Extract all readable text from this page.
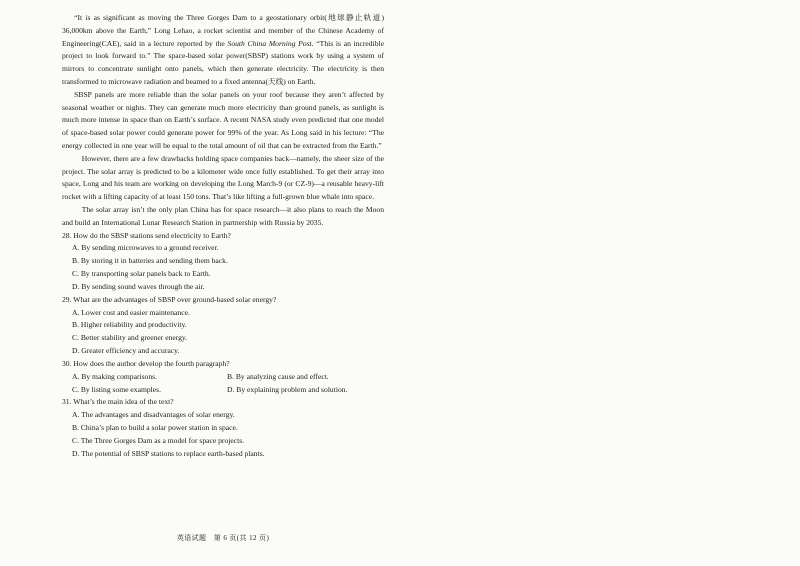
“It is as significant as moving the Three Gorges Dam to a geostationary orbit(地球静止轨道) 36,000km above the Earth,” Long Lehao, a rocket scientist and member of the Chinese Academy of Engineering(CAE), said in a lecture reported by the South China Morning Post. “This is an incredible project to look forward to.” The space-based solar power(SBSP) stations work by using a system of mirrors to concentrate sunlight onto panels, which then generate electricity. The electricity is then transformed to microwave radiation and beamed to a fixed antenna(天线) on Earth.

SBSP panels are more reliable than the solar panels on your roof because they aren’t affected by seasonal weather or nights. They can generate much more electricity than ground panels, as sunlight is much more intense in space than on Earth’s surface. A recent NASA study even predicted that one model of space-based solar power could generate power for 99% of the year. As Long said in his lecture: “The energy collected in one year will be equal to the total amount of oil that can be extracted from the Earth.”

However, there are a few drawbacks holding space companies back—namely, the sheer size of the project. The solar array is predicted to be a kilometer wide once fully established. To get their array into space, Long and his team are working on developing the Long March-9 (or CZ-9)—a reusable heavy-lift rocket with a lifting capacity of at least 150 tons. That’s like lifting a full-grown blue whale into space.

The solar array isn’t the only plan China has for space research—it also plans to reach the Moon and build an International Lunar Research Station in partnership with Russia by 2035.

28. How do the SBSP stations send electricity to Earth?

A. By sending microwaves to a ground receiver.
B. By storing it in batteries and sending them back.
C. By transporting solar panels back to Earth.
D. By sending sound waves through the air.

29. What are the advantages of SBSP over ground-based solar energy?

A. Lower cost and easier maintenance.
B. Higher reliability and productivity.
C. Better stability and greener energy.
D. Greater efficiency and accuracy.

30. How does the author develop the fourth paragraph?

A. By making comparisons.	B. By analyzing cause and effect.
C. By listing some examples.	D. By explaining problem and solution.

31. What’s the main idea of the text?

A. The advantages and disadvantages of solar energy.
B. China’s plan to build a solar power station in space.
C. The Three Gorges Dam as a model for space projects.
D. The potential of SBSP stations to replace earth-based plants.
英语试题　第 6 页(共 12 页)
